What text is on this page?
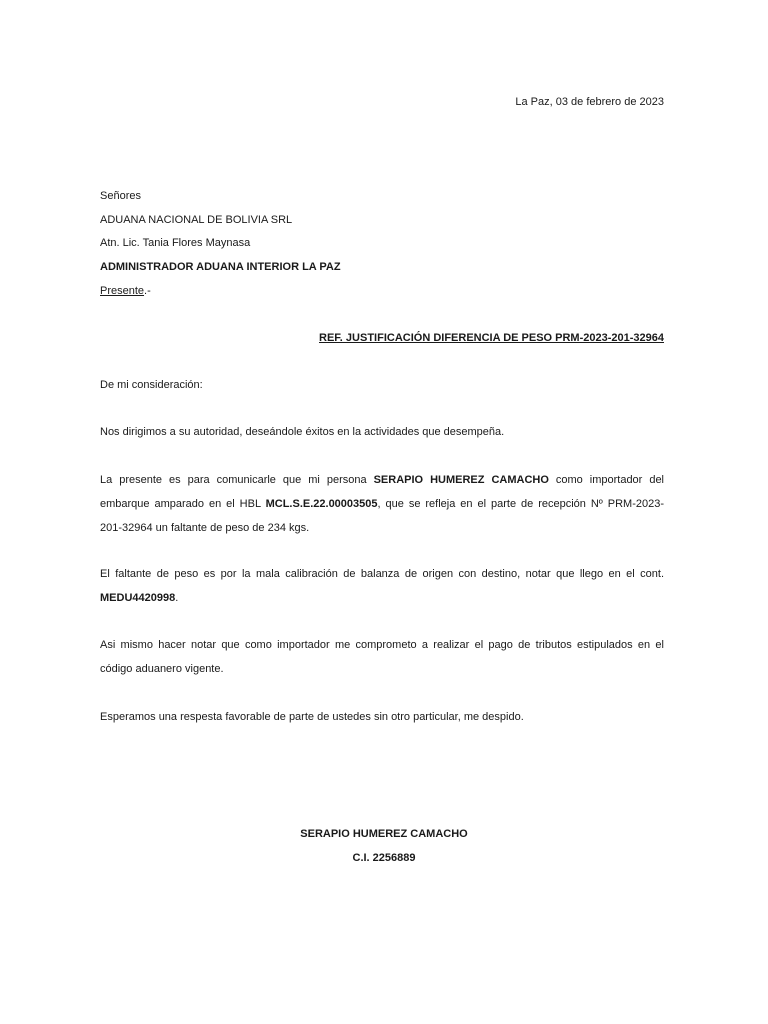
La Paz, 03 de febrero de 2023
Señores
ADUANA NACIONAL DE BOLIVIA SRL
Atn. Lic. Tania Flores Maynasa
ADMINISTRADOR ADUANA INTERIOR LA PAZ
Presente.-
REF. JUSTIFICACIÓN DIFERENCIA DE PESO PRM-2023-201-32964
De mi consideración:
Nos dirigimos a su autoridad, deseándole éxitos en la actividades que desempeña.
La presente es para comunicarle que mi persona SERAPIO HUMEREZ CAMACHO como importador del
embarque amparado en el HBL MCL.S.E.22.00003505, que se refleja en el parte de recepción Nº PRM-2023-
201-32964 un faltante de peso de 234 kgs.
El faltante de peso es por la mala calibración de balanza de origen con destino, notar que llego en el cont.
MEDU4420998.
Asi mismo hacer notar que como importador me comprometo a realizar el pago de tributos estipulados en el
código aduanero vigente.
Esperamos una respesta favorable de parte de ustedes sin otro particular, me despido.
SERAPIO HUMEREZ CAMACHO
C.I. 2256889
